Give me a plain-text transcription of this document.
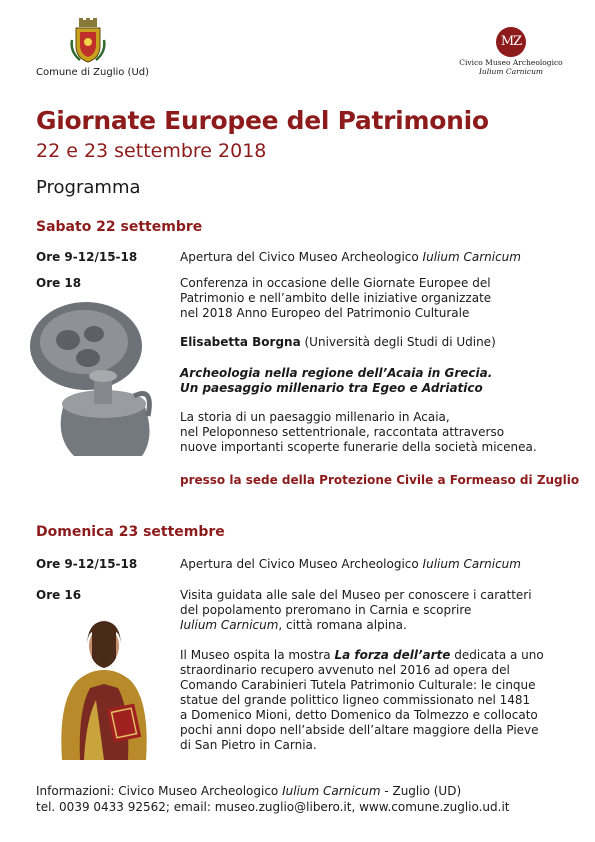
Comune di Zuglio (Ud)
MZ
Civico Museo Archeologico
Iulium Carnicum
Giornate Europee del Patrimonio
22 e 23 settembre 2018
Programma
Sabato 22 settembre
Ore 9-12/15-18	Apertura del Civico Museo Archeologico Iulium Carnicum
Ore 18	Conferenza in occasione delle Giornate Europee del
Patrimonio e nell’ambito delle iniziative organizzate
nel 2018 Anno Europeo del Patrimonio Culturale
Elisabetta Borgna (Università degli Studi di Udine)
Archeologia nella regione dell’Acaia in Grecia.
Un paesaggio millenario tra Egeo e Adriatico
La storia di un paesaggio millenario in Acaia,
nel Peloponneso settentrionale, raccontata attraverso
nuove importanti scoperte funerarie della società micenea.
presso la sede della Protezione Civile a Formeaso di Zuglio
Domenica 23 settembre
Ore 9-12/15-18	Apertura del Civico Museo Archeologico Iulium Carnicum
Ore 16	Visita guidata alle sale del Museo per conoscere i caratteri
del popolamento preromano in Carnia e scoprire
Iulium Carnicum, città romana alpina.
Il Museo ospita la mostra La forza dell’arte dedicata a uno
straordinario recupero avvenuto nel 2016 ad opera del
Comando Carabinieri Tutela Patrimonio Culturale: le cinque
statue del grande polittico ligneo commissionato nel 1481
a Domenico Mioni, detto Domenico da Tolmezzo e collocato
pochi anni dopo nell’abside dell’altare maggiore della Pieve
di San Pietro in Carnia.
Informazioni: Civico Museo Archeologico Iulium Carnicum - Zuglio (UD)
tel. 0039 0433 92562; email: museo.zuglio@libero.it, www.comune.zuglio.ud.it
